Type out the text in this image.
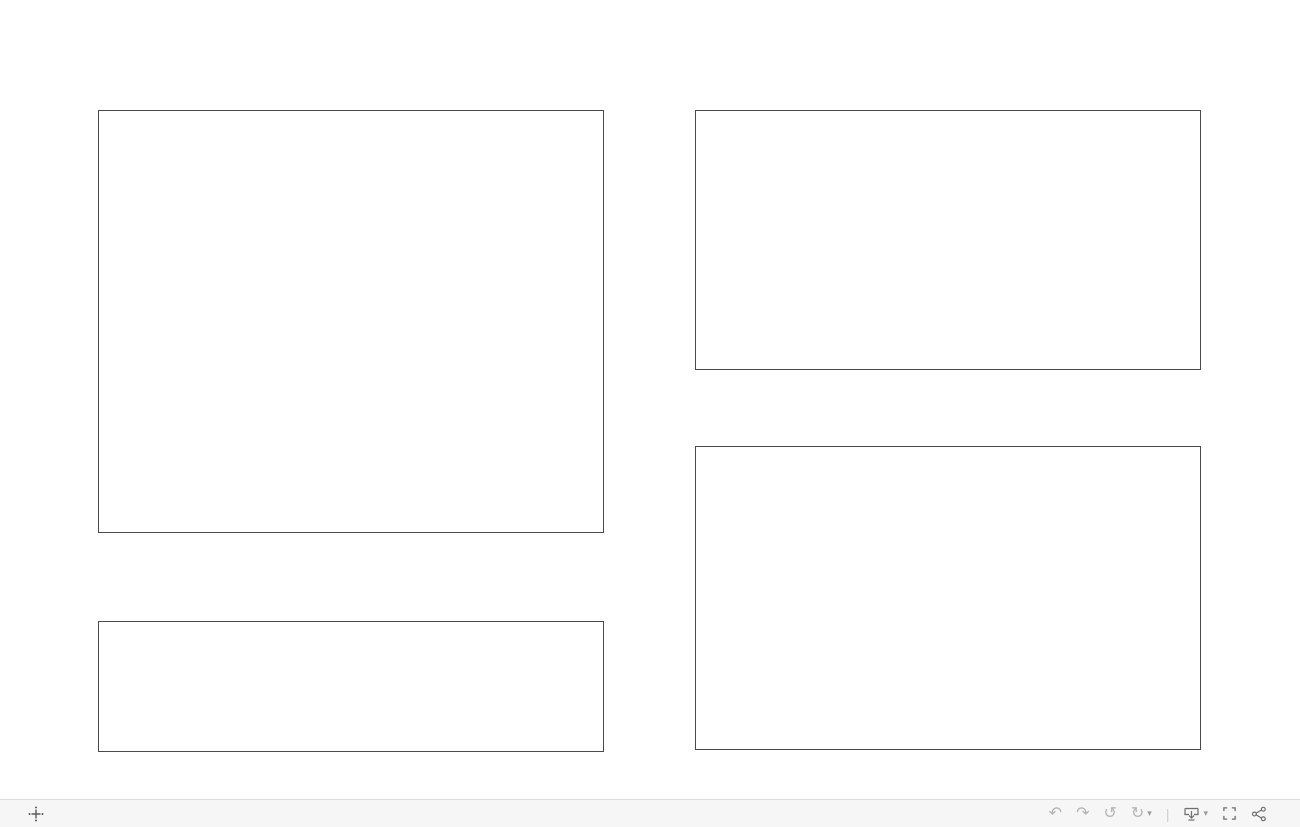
↶ ↷ ↺ ↻ ▾ |	▾
